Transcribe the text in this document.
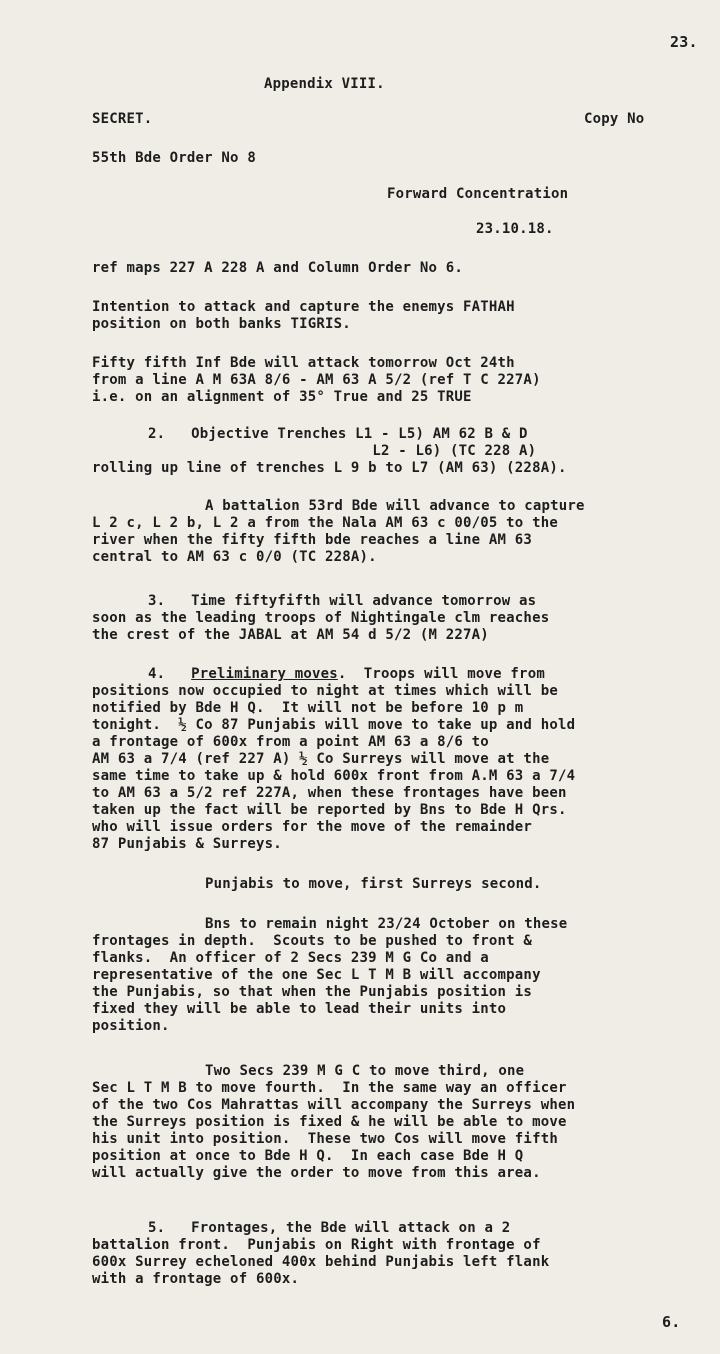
23.
Appendix VIII.
SECRET.	Copy No
55th Bde Order No 8
Forward Concentration
23.10.18.
ref maps 227 A 228 A and Column Order No 6.
Intention to attack and capture the enemys FATHAH
position on both banks TIGRIS.
Fifty fifth Inf Bde will attack tomorrow Oct 24th
from a line A M 63A 8/6 - AM 63 A 5/2 (ref T C 227A)
i.e. on an alignment of 35° True and 25 TRUE
2.   Objective Trenches L1 - L5) AM 62 B & D
L2 - L6) (TC 228 A)
rolling up line of trenches L 9 b to L7 (AM 63) (228A).
A battalion 53rd Bde will advance to capture
L 2 c, L 2 b, L 2 a from the Nala AM 63 c 00/05 to the
river when the fifty fifth bde reaches a line AM 63
central to AM 63 c 0/0 (TC 228A).
3.   Time fiftyfifth will advance tomorrow as
soon as the leading troops of Nightingale clm reaches
the crest of the JABAL at AM 54 d 5/2 (M 227A)
4. Preliminary moves.  Troops will move from
positions now occupied to night at times which will be
notified by Bde H Q.  It will not be before 10 p m
tonight.  ½ Co 87 Punjabis will move to take up and hold
a frontage of 600x from a point AM 63 a 8/6 to
AM 63 a 7/4 (ref 227 A) ½ Co Surreys will move at the
same time to take up & hold 600x front from A.M 63 a 7/4
to AM 63 a 5/2 ref 227A, when these frontages have been
taken up the fact will be reported by Bns to Bde H Qrs.
who will issue orders for the move of the remainder
87 Punjabis & Surreys.
Punjabis to move, first Surreys second.
Bns to remain night 23/24 October on these
frontages in depth.  Scouts to be pushed to front &
flanks.  An officer of 2 Secs 239 M G Co and a
representative of the one Sec L T M B will accompany
the Punjabis, so that when the Punjabis position is
fixed they will be able to lead their units into
position.
Two Secs 239 M G C to move third, one
Sec L T M B to move fourth.  In the same way an officer
of the two Cos Mahrattas will accompany the Surreys when
the Surreys position is fixed & he will be able to move
his unit into position.  These two Cos will move fifth
position at once to Bde H Q.  In each case Bde H Q
will actually give the order to move from this area.
5.   Frontages, the Bde will attack on a 2
battalion front.  Punjabis on Right with frontage of
600x Surrey echeloned 400x behind Punjabis left flank
with a frontage of 600x.
6.
